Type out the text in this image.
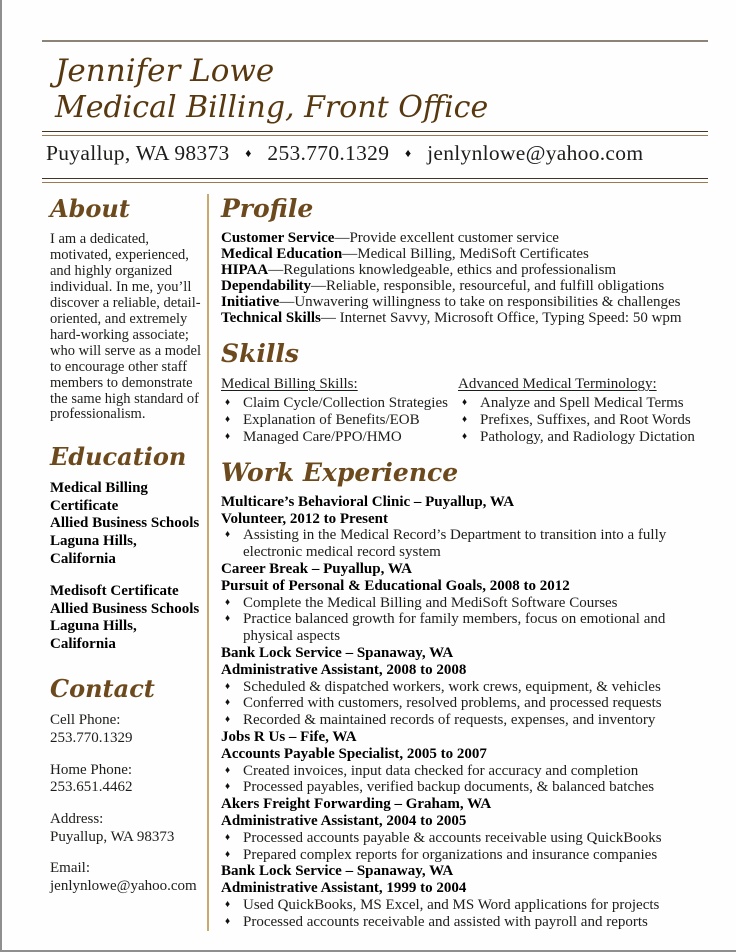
Jennifer Lowe
Medical Billing, Front Office
Puyallup, WA 98373 ♦ 253.770.1329 ♦ jenlynlowe@yahoo.com
About

I am a dedicated, motivated, experienced, and highly organized individual. In me, you’ll discover a reliable, detail-oriented, and extremely hard-working associate; who will serve as a model to encourage other staff members to demonstrate the same high standard of professionalism.

Education
Medical Billing Certificate
Allied Business Schools
Laguna Hills, California
Medisoft Certificate
Allied Business Schools
Laguna Hills, California
Contact
Cell Phone:
253.770.1329
Home Phone:
253.651.4462
Address:
Puyallup, WA 98373
Email:
jenlynlowe@yahoo.com
Profile
Customer Service—Provide excellent customer service
Medical Education—Medical Billing, MediSoft Certificates
HIPAA—Regulations knowledgeable, ethics and professionalism
Dependability—Reliable, responsible, resourceful, and fulfill obligations
Initiative—Unwavering willingness to take on responsibilities & challenges
Technical Skills— Internet Savvy, Microsoft Office, Typing Speed: 50 wpm
Skills
Medical Billing Skills:
♦ Claim Cycle/Collection Strategies
♦ Explanation of Benefits/EOB
♦ Managed Care/PPO/HMO
Advanced Medical Terminology:
♦ Analyze and Spell Medical Terms
♦ Prefixes, Suffixes, and Root Words
♦ Pathology, and Radiology Dictation
Work Experience
Multicare’s Behavioral Clinic – Puyallup, WA
Volunteer, 2012 to Present
♦ Assisting in the Medical Record’s Department to transition into a fully electronic medical record system
Career Break – Puyallup, WA
Pursuit of Personal & Educational Goals, 2008 to 2012
♦ Complete the Medical Billing and MediSoft Software Courses
♦ Practice balanced growth for family members, focus on emotional and physical aspects
Bank Lock Service – Spanaway, WA
Administrative Assistant, 2008 to 2008
♦ Scheduled & dispatched workers, work crews, equipment, & vehicles
♦ Conferred with customers, resolved problems, and processed requests
♦ Recorded & maintained records of requests, expenses, and inventory
Jobs R Us – Fife, WA
Accounts Payable Specialist, 2005 to 2007
♦ Created invoices, input data checked for accuracy and completion
♦ Processed payables, verified backup documents, & balanced batches
Akers Freight Forwarding – Graham, WA
Administrative Assistant, 2004 to 2005
♦ Processed accounts payable & accounts receivable using QuickBooks
♦ Prepared complex reports for organizations and insurance companies
Bank Lock Service – Spanaway, WA
Administrative Assistant, 1999 to 2004
♦ Used QuickBooks, MS Excel, and MS Word applications for projects
♦ Processed accounts receivable and assisted with payroll and reports
